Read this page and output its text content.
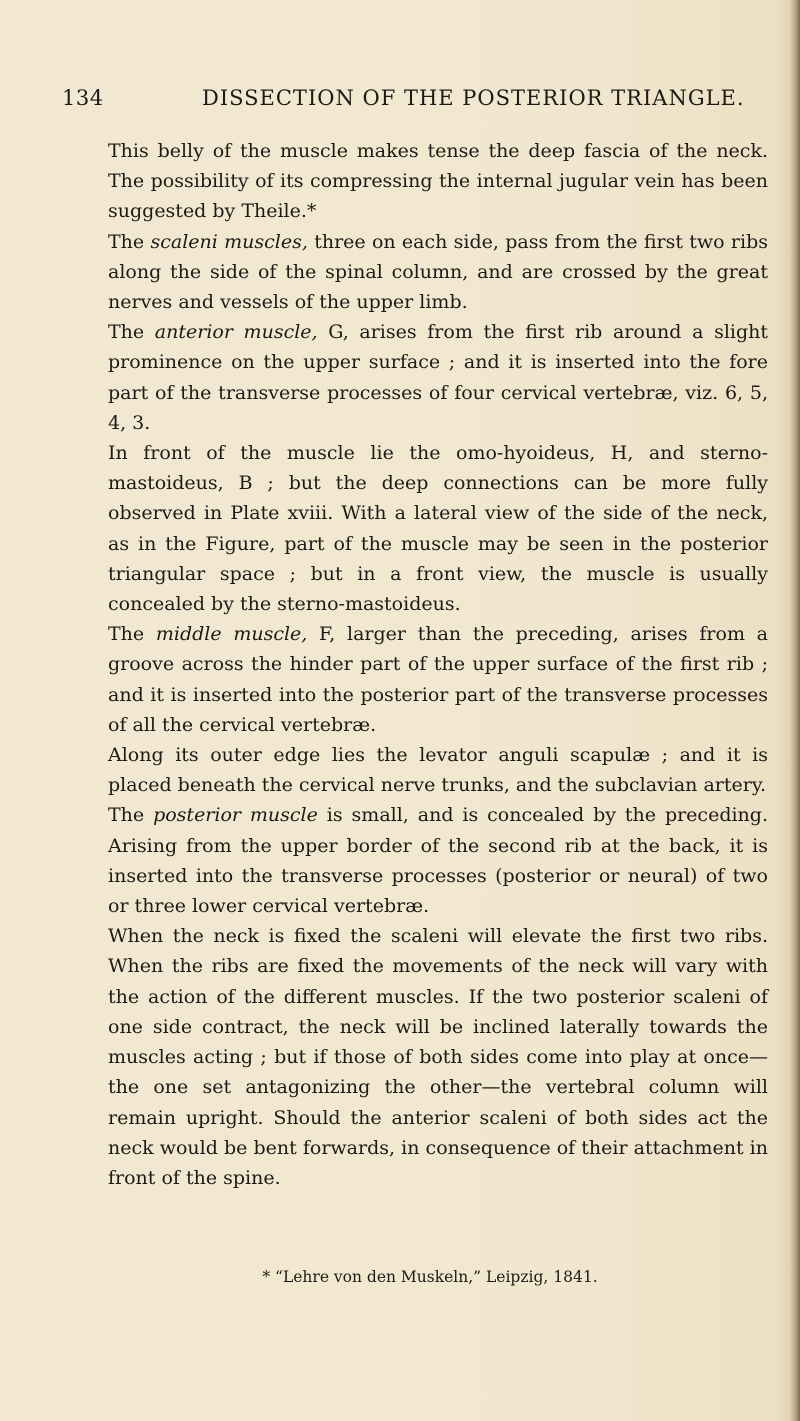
134	DISSECTION OF THE POSTERIOR TRIANGLE.

This belly of the muscle makes tense the deep fascia of the neck. The possibility of its compressing the internal jugular vein has been suggested by Theile.*

The scaleni muscles, three on each side, pass from the first two ribs along the side of the spinal column, and are crossed by the great nerves and vessels of the upper limb.

The anterior muscle, G, arises from the first rib around a slight prominence on the upper surface ; and it is inserted into the fore part of the transverse processes of four cervical vertebræ, viz. 6, 5, 4, 3.

In front of the muscle lie the omo-hyoideus, H, and sterno-mastoideus, B ; but the deep connections can be more fully observed in Plate xviii. With a lateral view of the side of the neck, as in the Figure, part of the muscle may be seen in the posterior triangular space ; but in a front view, the muscle is usually concealed by the sterno-mastoideus.

The middle muscle, F, larger than the preceding, arises from a groove across the hinder part of the upper surface of the first rib ; and it is inserted into the posterior part of the transverse processes of all the cervical vertebræ.

Along its outer edge lies the levator anguli scapulæ ; and it is placed beneath the cervical nerve trunks, and the subclavian artery.

The posterior muscle is small, and is concealed by the preceding. Arising from the upper border of the second rib at the back, it is inserted into the transverse processes (posterior or neural) of two or three lower cervical vertebræ.

When the neck is fixed the scaleni will elevate the first two ribs. When the ribs are fixed the movements of the neck will vary with the action of the different muscles. If the two posterior scaleni of one side contract, the neck will be inclined laterally towards the muscles acting ; but if those of both sides come into play at once—the one set antagonizing the other—the vertebral column will remain upright. Should the anterior scaleni of both sides act the neck would be bent forwards, in consequence of their attachment in front of the spine.

* “Lehre von den Muskeln,” Leipzig, 1841.
